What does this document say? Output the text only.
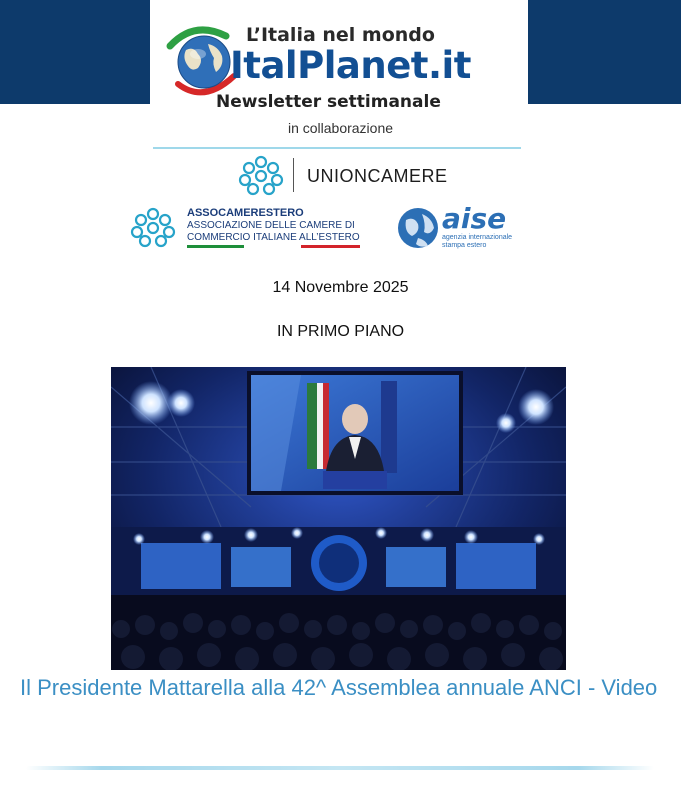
L’Italia nel mondo
ItalPlanet.it
Newsletter settimanale
in collaborazione
UNIONCAMERE
ASSOCAMERESTERO
ASSOCIAZIONE DELLE CAMERE DI
COMMERCIO ITALIANE ALL’ESTERO
aise
agenzia internazionale
stampa estero
14 Novembre 2025
IN PRIMO PIANO
Il Presidente Mattarella alla 42^ Assemblea annuale ANCI - Video
